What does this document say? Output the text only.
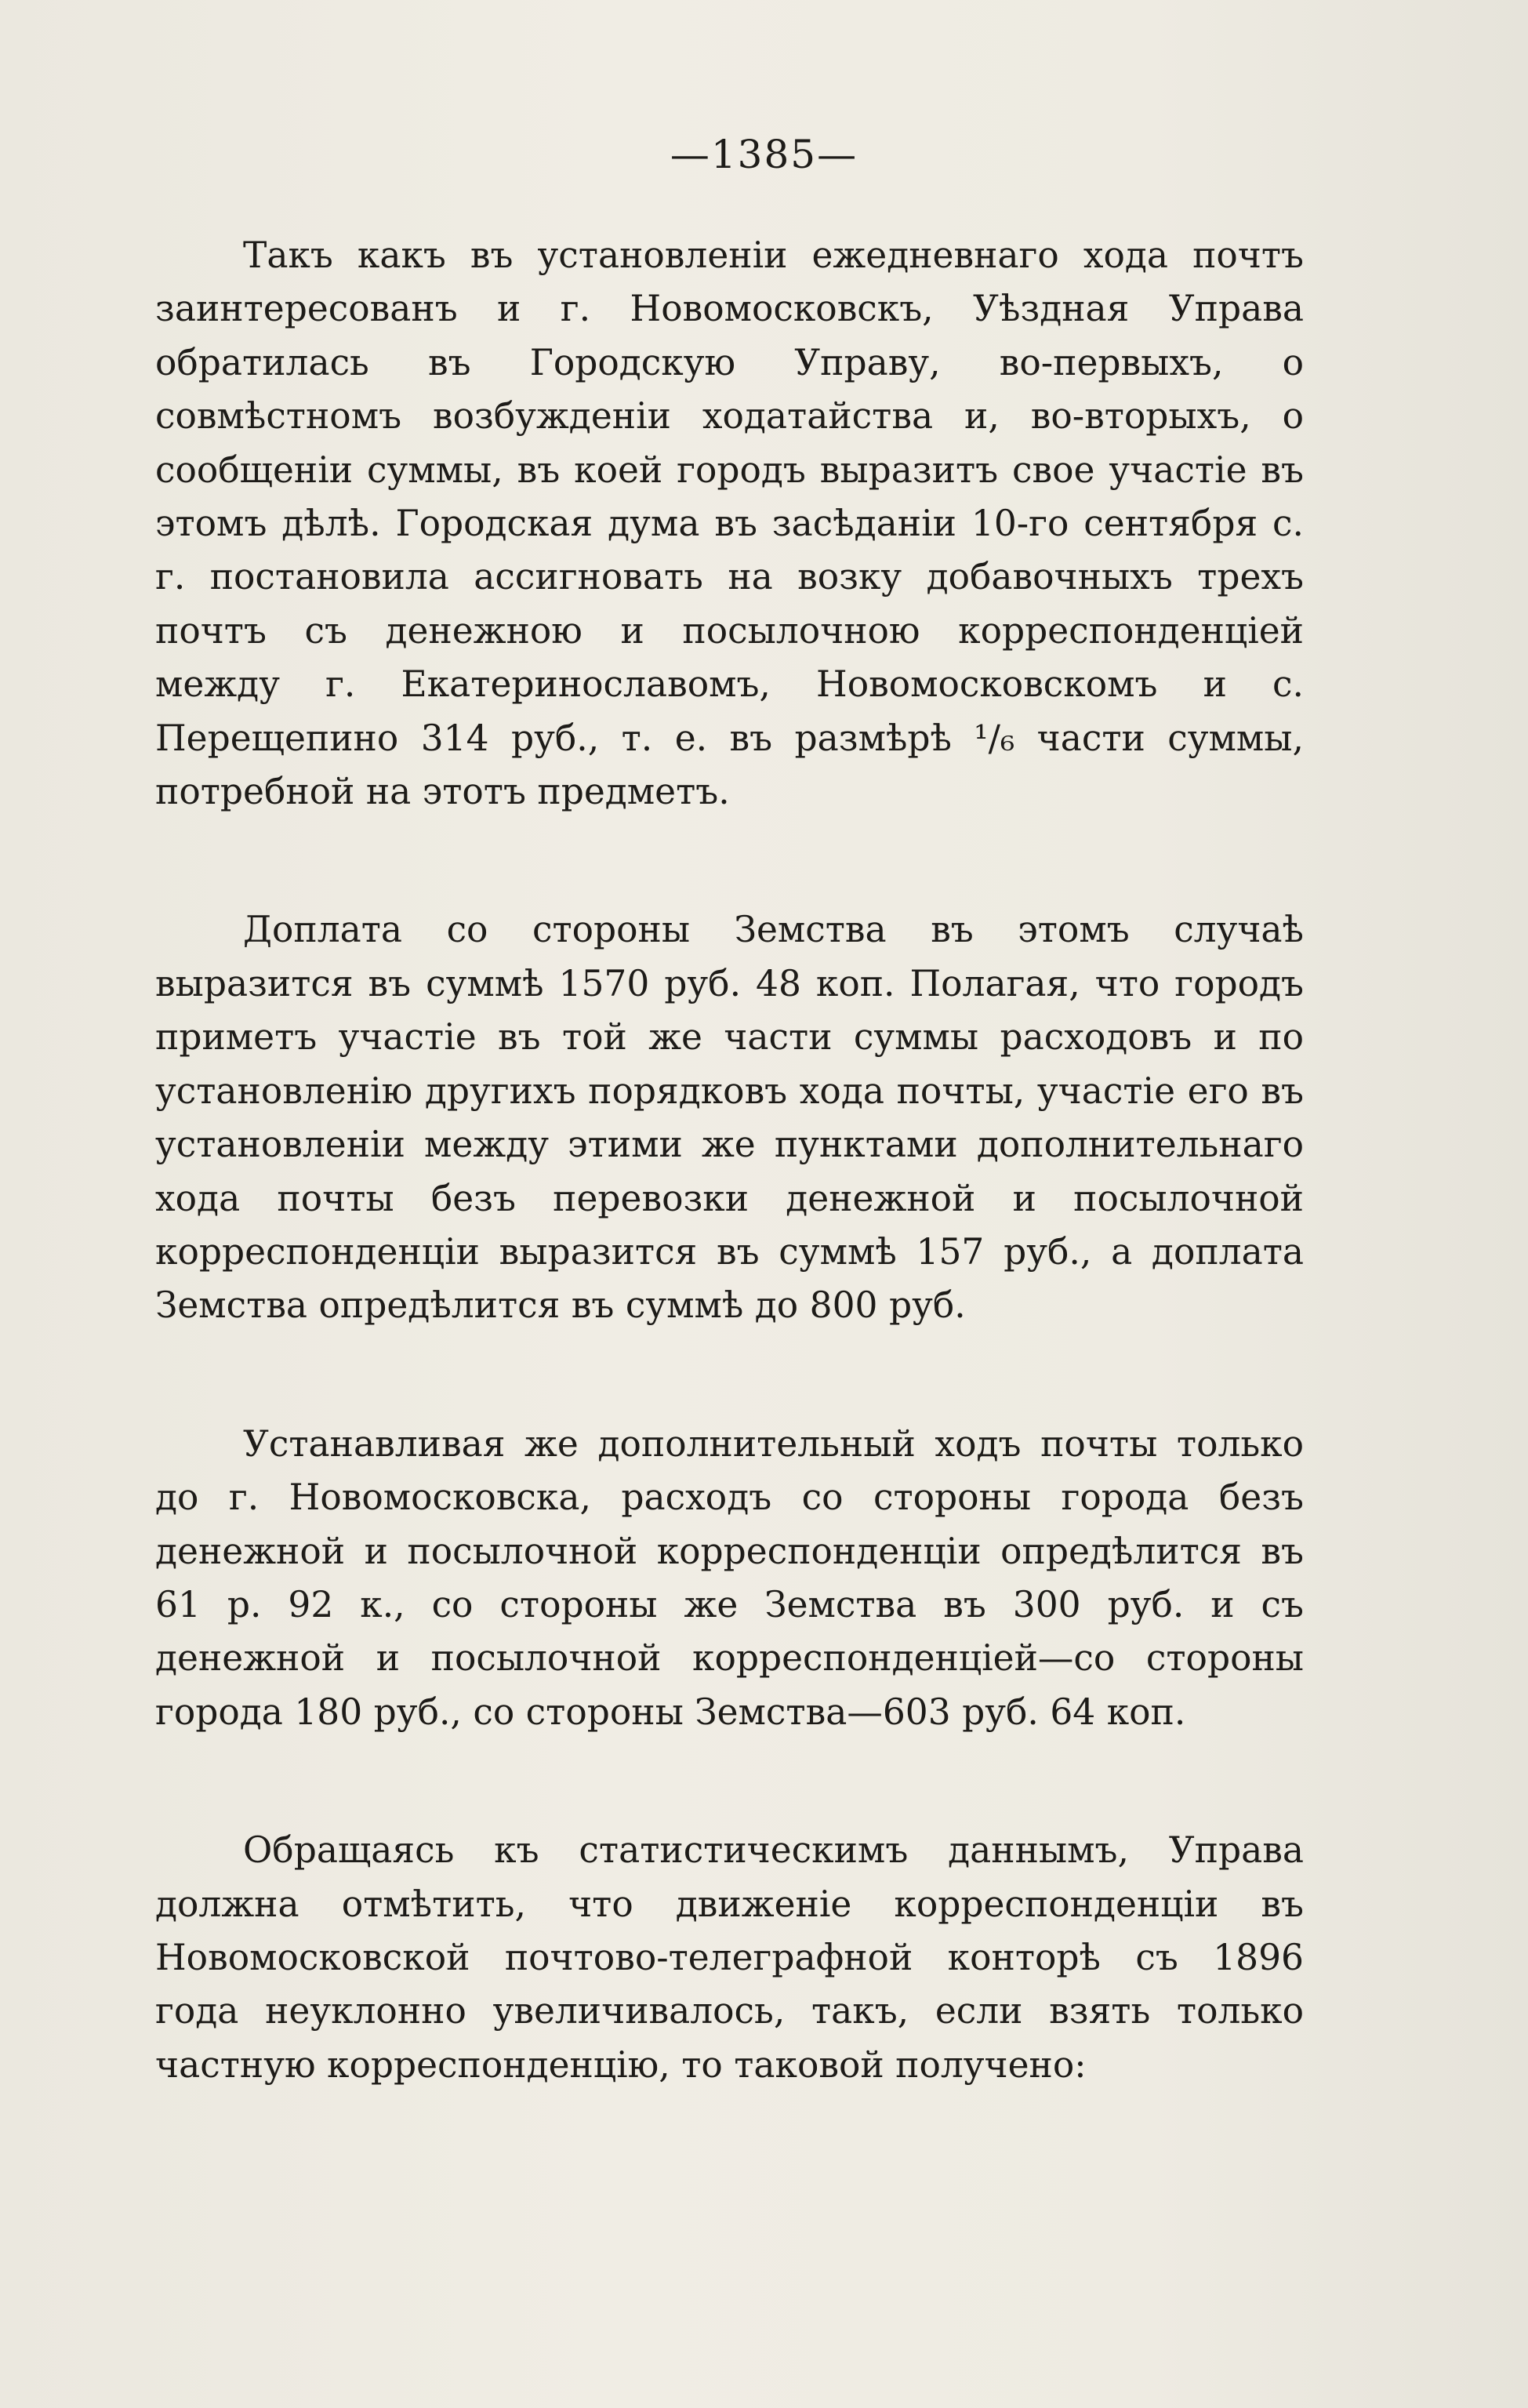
—1385—

Такъ какъ въ установленіи ежедневнаго хода почтъ заинтересованъ и г. Новомосковскъ, Уѣздная Управа обратилась въ Городскую Управу, во-первыхъ, о совмѣстномъ возбужденіи ходатайства и, во-вторыхъ, о сообщеніи суммы, въ коей городъ выразитъ свое участіе въ этомъ дѣлѣ. Городская дума въ засѣданіи 10-го сентября с. г. постановила ассигновать на возку добавочныхъ трехъ почтъ съ денежною и посылочною корреспонденціей между г. Екатеринославомъ, Новомосковскомъ и с. Перещепино 314 руб., т. е. въ размѣрѣ ¹/₆ части суммы, потребной на этотъ предметъ.

Доплата со стороны Земства въ этомъ случаѣ выразится въ суммѣ 1570 руб. 48 коп. Полагая, что городъ приметъ участіе въ той же части суммы расходовъ и по установленію другихъ порядковъ хода почты, участіе его въ установленіи между этими же пунктами дополнительнаго хода почты безъ перевозки денежной и посылочной корреспонденціи выразится въ суммѣ 157 руб., а доплата Земства опредѣлится въ суммѣ до 800 руб.

Устанавливая же дополнительный ходъ почты только до г. Новомосковска, расходъ со стороны города безъ денежной и посылочной корреспонденціи опредѣлится въ 61 р. 92 к., со стороны же Земства въ 300 руб. и съ денежной и посылочной корреспонденціей—со стороны города 180 руб., со стороны Земства—603 руб. 64 коп.

Обращаясь къ статистическимъ даннымъ, Управа должна отмѣтить, что движеніе корреспонденціи въ Новомосковской почтово-телеграфной конторѣ съ 1896 года неуклонно увеличивалось, такъ, если взять только частную корреспонденцію, то таковой получено:
